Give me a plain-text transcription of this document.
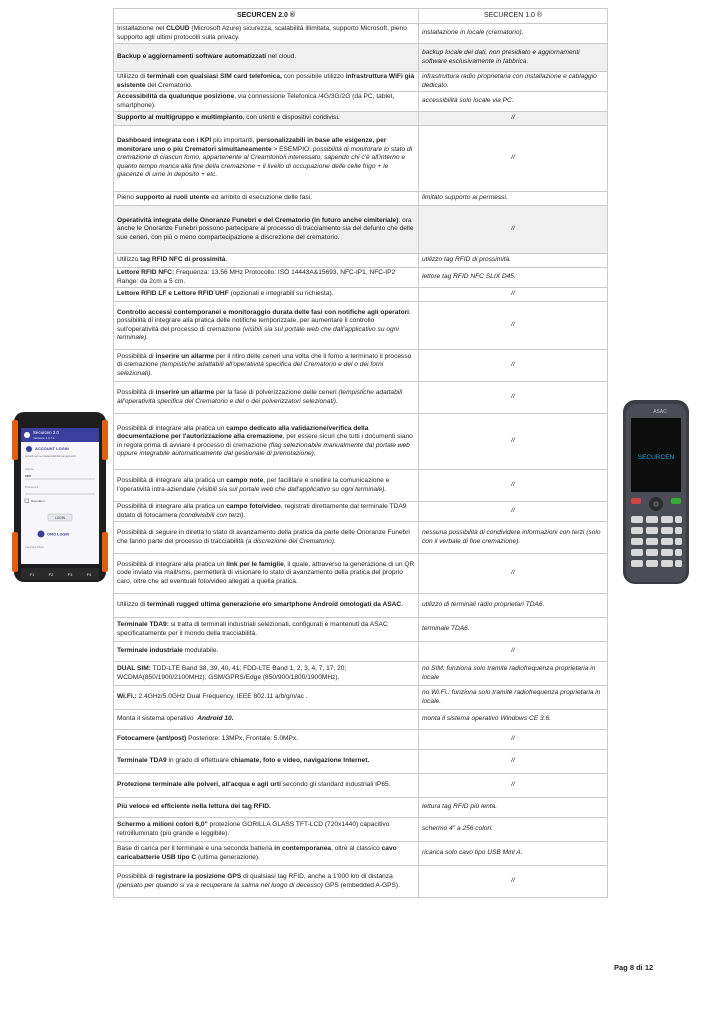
SECURCEN 2.0 ®	SECURCEN 1.0 ®
Installazione nel CLOUD (Microsoft Azure) sicurezza, scalabilità illimitata, supporto Microsoft, pieno supporto agli ultimi protocolli sulla privacy.	installazione in locale (crematorio).
Backup e aggiornamenti software automatizzati nel cloud.	backup locale dei dati, non presidiato e aggiornamenti software esclusivamente in fabbrica.
Utilizzo di terminali con qualsiasi SIM card telefonica, con possibile utilizzo infrastruttura WiFi già esistente del Crematorio.	infrastruttura radio proprietaria con installazione e cablaggio dedicato.
Accessibilità da qualunque posizione, via connessione Telefonica /4G/3G/2G (da PC, tablet, smartphone).	accessibilità solo locale via PC.
Supporto al multigruppo e multimpianto, con utenti e dispositivi condivisi.	//
Dashboard integrata con i KPI più importanti, personalizzabili in base alle esigenze, per monitorare uno o più Crematori simultaneamente > ESEMPIO: possibilità di monitorare lo stato di cremazione di ciascun forno, appartenente al Creamtorio/i interessato, sapendo chi c'è all'interno e quanto tempo manca alla fine della cremazione + il livello di occupazione delle celle frigo + le giacenze di urne in deposito + etc.	//
Pieno supporto ai ruoli utente ed ambito di esecuzione delle fasi.	limitato supporto ai permessi.
Operatività integrata delle Onoranze Funebri e del Crematorio (in futuro anche cimiteriale): ora anche le Onoranze Funebri possono partecipare al processo di tracciamento sia del defunto che delle sue ceneri, con più o meno compartecipazione a discrezione del crematorio.	//
Utilizzo tag RFID NFC di prossimità.	utilizzo tag RFID di prossimità.
Lettore RFID NFC: Frequenza: 13.56 MHz Protocollo: ISO 14443A&15693, NFC-IP1, NFC-IP2 Range: da 2cm a 5 cm.	lettore tag RFID NFC SLIX D45.
Lettore RFID LF e Lettore RFID UHF (opzionali e integrabili su richiesta).	//
Controllo accessi contemporanei e monitoraggio durata delle fasi con notifiche agli operatori: possibilità di integrare alla pratica delle notifiche temporizzate, per aumentare il controllo sull'operatività del processo di cremazione (visibili sia sul portale web che dall'applicativo su ogni terminale).	//
Possibilità di inserire un allarme per il ritiro delle ceneri una volta che il forno a terminato il processo di cremazione (tempistiche adattabili all'operatività specifica del Crematorio e del o dei forni selezionati).	//
Possibilità di inserire un allarme per la fase di polverizzazione delle ceneri (tempistiche adattabili all'operatività specifica del Crematorio e del o dei polverizzatori selezionati).	//
Possibilità di integrare alla pratica un campo dedicato alla validazione/verifica della documentazione per l'autorizzazione alla cremazione, per essere sicuri che tutti i documenti siano in regola prima di avviare il processo di cremazione (flag selezionabile manualmente dal portale web oppure integrabile automaticamente dal gestionale di prenotazione).	//
Possibilità di integrare alla pratica un campo note, per facilitare e snellire la comunicazione e l'operatività intra-aziendale (visibili sia sul portale web che dall'applicativo su ogni terminale).	//
Possibilità di integrare alla pratica un campo foto/video, registrati direttamente dal terminale TDA9 dotato di fotocamera (condivisibili con terzi).	//
Possibilità di seguire in diretta lo stato di avanzamento della pratica da parte delle Onoranze Funebri che fanno parte del processo di tracciabilità (a discrezione del Crematorio).	nessuna possibilità di condividere informazioni con terzi (solo con il verbale di fine cremazione).
Possibilità di integrare alla pratica un link per le famiglie, il quale, attraverso la generazione di un QR code inviato via mail/sms, permetterà di visionare lo stato di avanzamento della pratica del proprio caro, oltre che ad eventuali foto/video allegati a quella pratica.	//
Utilizzo di terminali rugged ultima generazione e/o smartphone Android omologati da ASAC.	utilizzo di terminali radio proprietari TDA6.
Terminale TDA9: si tratta di terminali industriali selezionati, configurati e mantenuti da ASAC specificatamente per il mondo della tracciabilità.	terminale TDA6.
Terminale industriale modulabile.	//
DUAL SIM: TDD-LTE Band 38, 39, 40, 41; FDD-LTE Band 1, 2, 3, 4, 7, 17, 20; WCDMA(850/1900/2100MHz); GSM/GPRS/Edge (850/900/1800/1900MHz).	no SIM: funziona solo tramite radiofrequenza proprietaria in locale
Wi.Fi.: 2.4GHz/5.0GHz Dual Frequency, IEEE 802.11 a/b/g/n/ac .	no Wi.Fi.: funziona solo tramite radiofrequenza proprietaria in locale.
Monta il sistema operativo  Android 10.	monta il sistema operativo Windows CE 3.6.
Fotocamere (ant/post) Posteriore: 13MPx, Frontale: 5.0MPx.	//
Terminale TDA9 in grado di effettuare chiamate, foto e video, navigazione Internet.	//
Protezione terminale alle polveri, all'acqua e agli urti secondo gli standard industriali IP65.	//
Più veloce ed efficiente nella lettura dei tag RFID.	lettura tag RFID più lenta.
Schermo a milioni colori 6,0" protezione GORILLA GLASS TFT-LCD (720x1440) capacitivo retroilluminato (più grande e leggibile).	schermo 4" a 256 colori.
Base di carica per il terminale e una seconda batteria in contemporanea, oltre al classico cavo caricabatterie USB tipo C (ultima generazione).	ricarica solo cavo tipo USB Mini A.
Possibilità di registrare la posizione GPS di qualsiasi tag RFID, anche a 1'000 km di distanza (pensato per quando si va a recuperare la salma nel luogo di decesso) GPS (embedded A-GPS).	//
Pag 8 di 12
Securcen 2.0
Versione 2.0.7.1
ACCOUNT LOGIN
Accedi con le credenziali del tuo account
Utente
user
Password
Ricordami
LOGIN
OFID LOGIN
Copyright ASAC
F1	F2	F3	F4
ASAC
SECURCEN
